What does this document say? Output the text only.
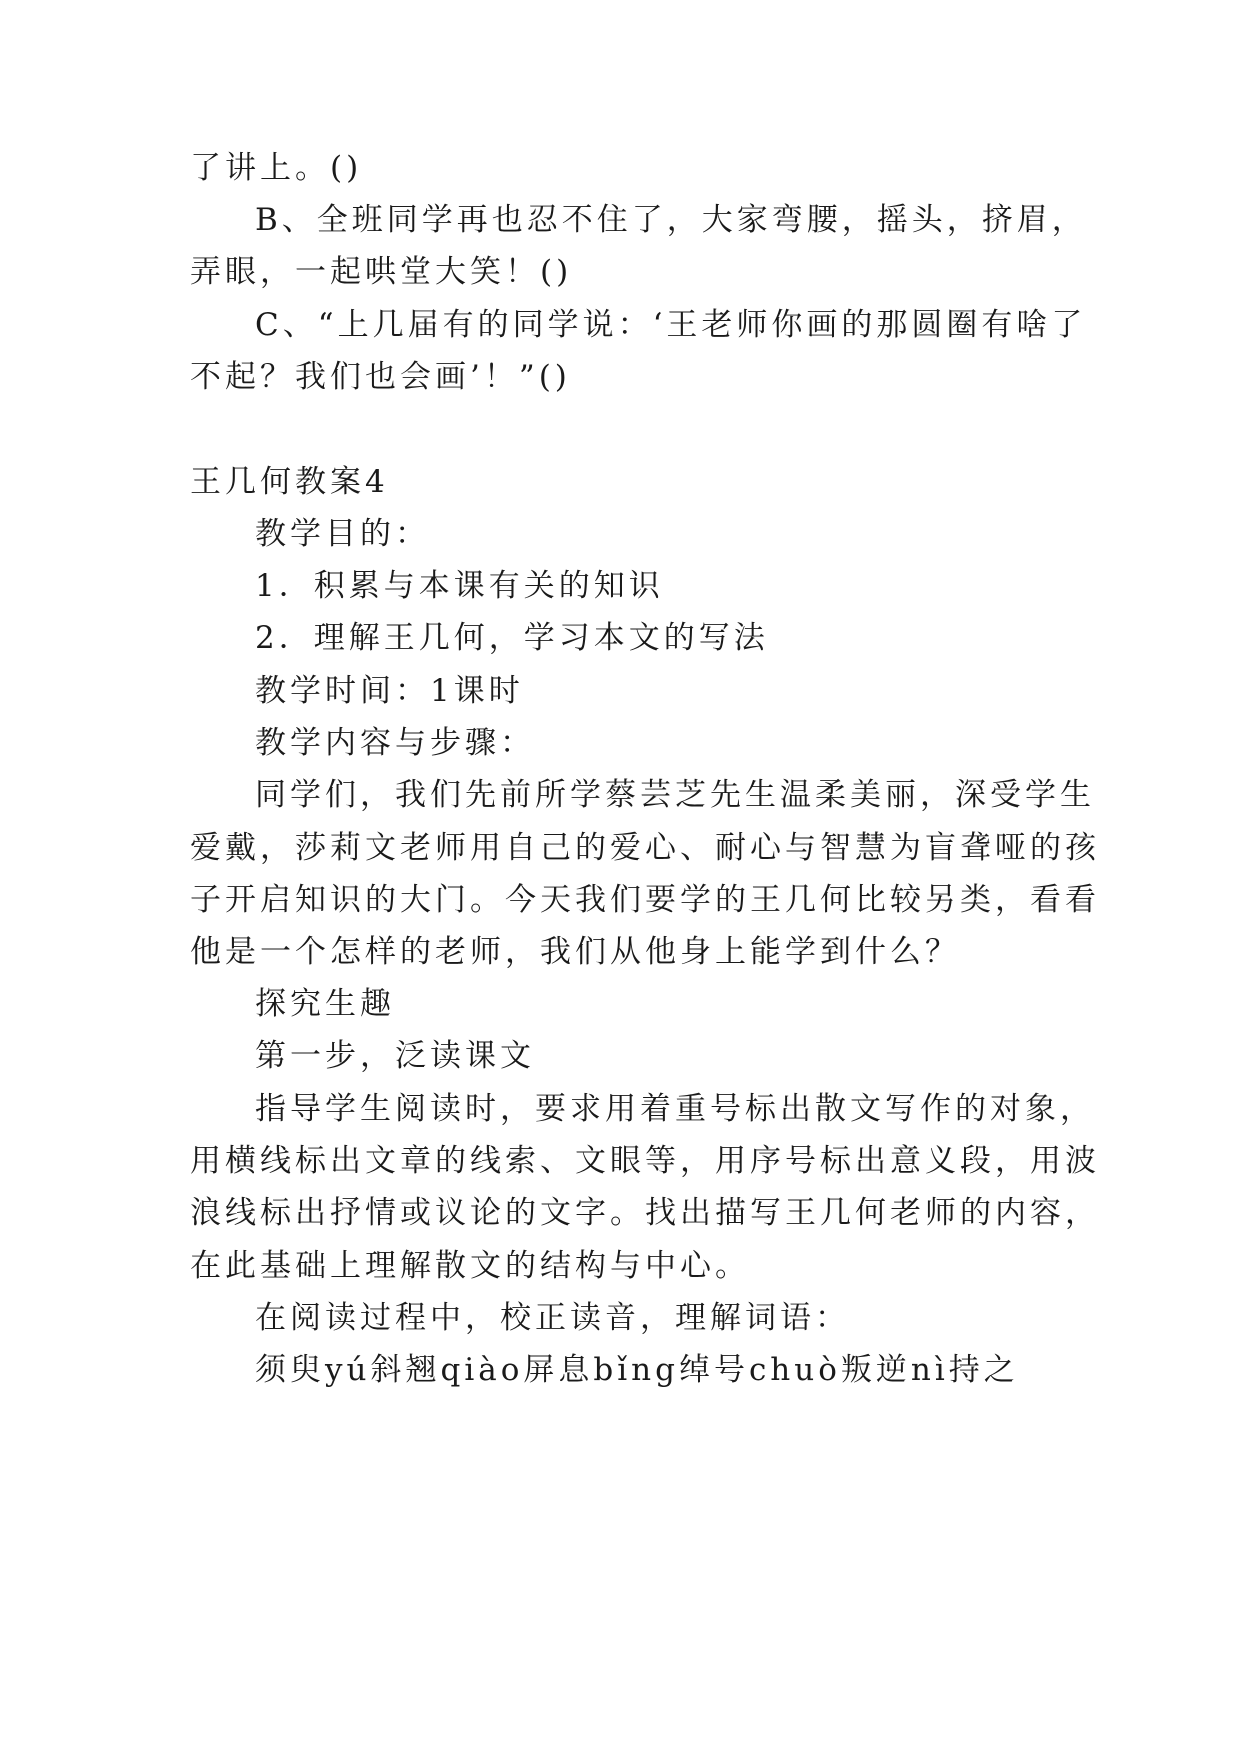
了讲上。()
B、全班同学再也忍不住了，大家弯腰，摇头，挤眉，
弄眼，一起哄堂大笑！()
C、“上几届有的同学说：‘王老师你画的那圆圈有啥了
不起？我们也会画’！”()
王几何教案4
教学目的：
1．积累与本课有关的知识
2．理解王几何，学习本文的写法
教学时间：1课时
教学内容与步骤：
同学们，我们先前所学蔡芸芝先生温柔美丽，深受学生
爱戴，莎莉文老师用自己的爱心、耐心与智慧为盲聋哑的孩
子开启知识的大门。今天我们要学的王几何比较另类，看看
他是一个怎样的老师，我们从他身上能学到什么？
探究生趣
第一步，泛读课文
指导学生阅读时，要求用着重号标出散文写作的对象，
用横线标出文章的线索、文眼等，用序号标出意义段，用波
浪线标出抒情或议论的文字。找出描写王几何老师的内容，
在此基础上理解散文的结构与中心。
在阅读过程中，校正读音，理解词语：
须臾yú斜翘qiào屏息bǐng绰号chuò叛逆nì持之
